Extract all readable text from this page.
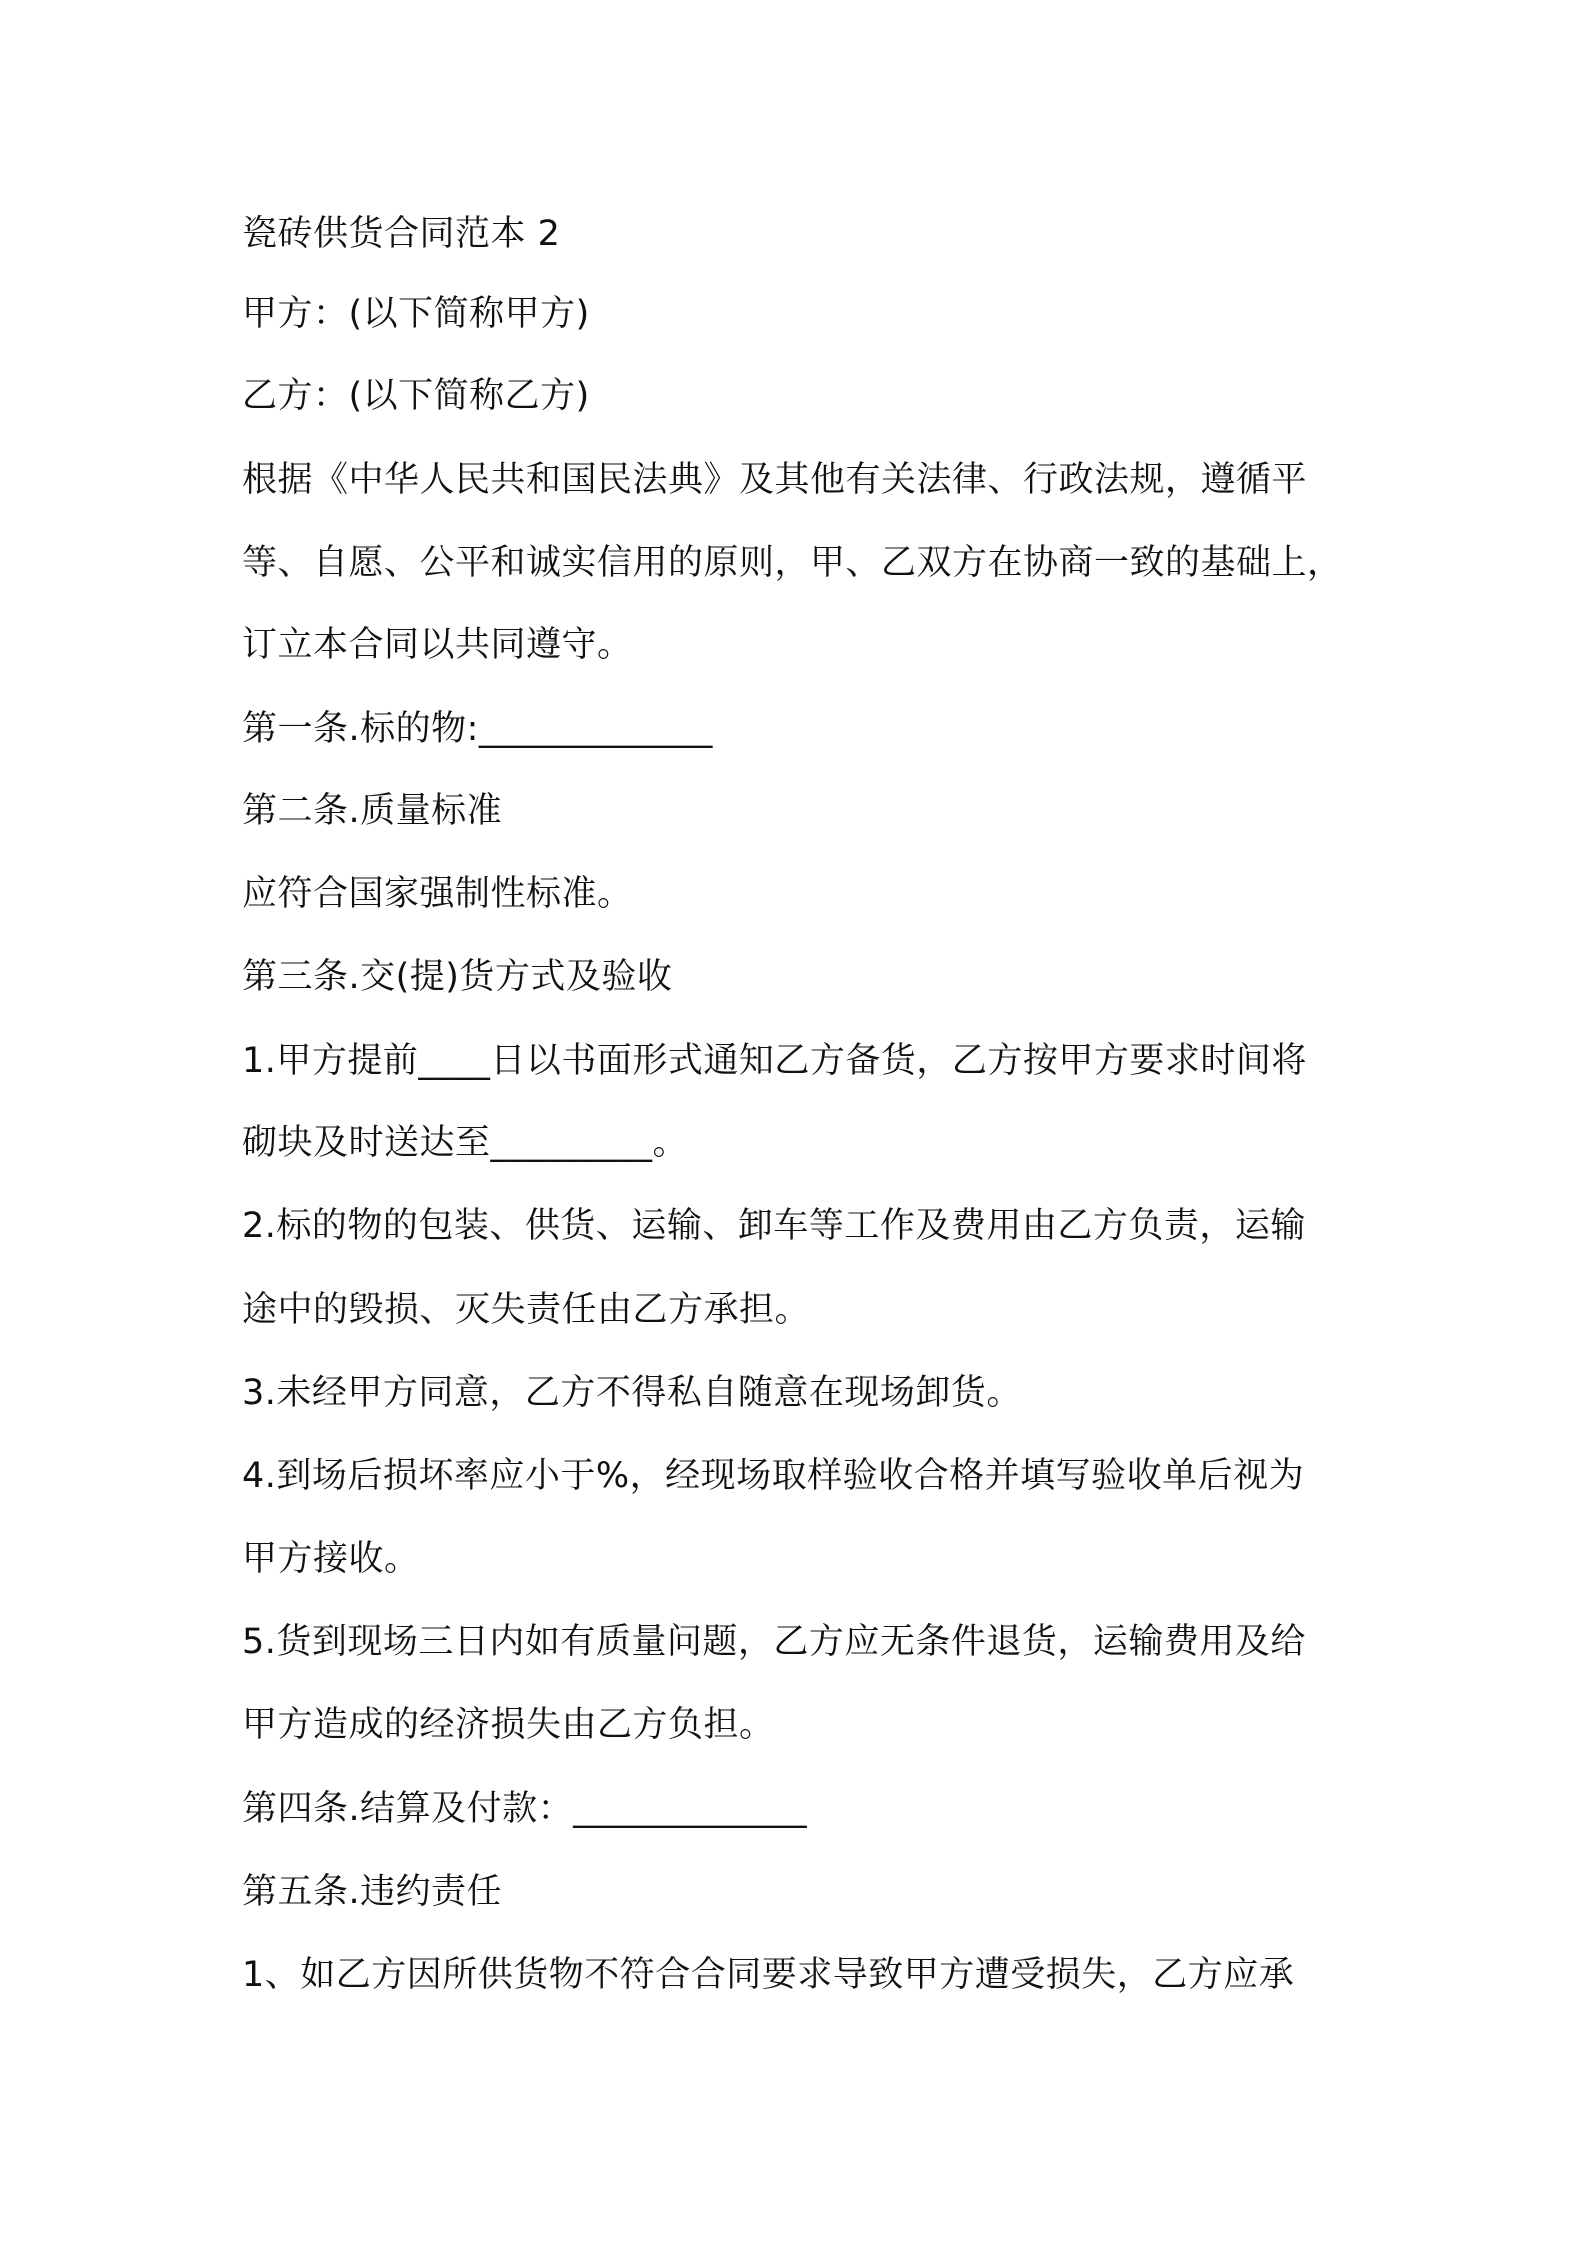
瓷砖供货合同范本 2
甲方：(以下简称甲方)
乙方：(以下简称乙方)
根据《中华人民共和国民法典》及其他有关法律、行政法规，遵循平
等、自愿、公平和诚实信用的原则，甲、乙双方在协商一致的基础上，
订立本合同以共同遵守。
第一条.标的物:_____________
第二条.质量标准
应符合国家强制性标准。
第三条.交(提)货方式及验收
1.甲方提前____日以书面形式通知乙方备货，乙方按甲方要求时间将
砌块及时送达至_________。
2.标的物的包装、供货、运输、卸车等工作及费用由乙方负责，运输
途中的毁损、灭失责任由乙方承担。
3.未经甲方同意，乙方不得私自随意在现场卸货。
4.到场后损坏率应小于%，经现场取样验收合格并填写验收单后视为
甲方接收。
5.货到现场三日内如有质量问题，乙方应无条件退货，运输费用及给
甲方造成的经济损失由乙方负担。
第四条.结算及付款：_____________
第五条.违约责任
1、如乙方因所供货物不符合合同要求导致甲方遭受损失，乙方应承
